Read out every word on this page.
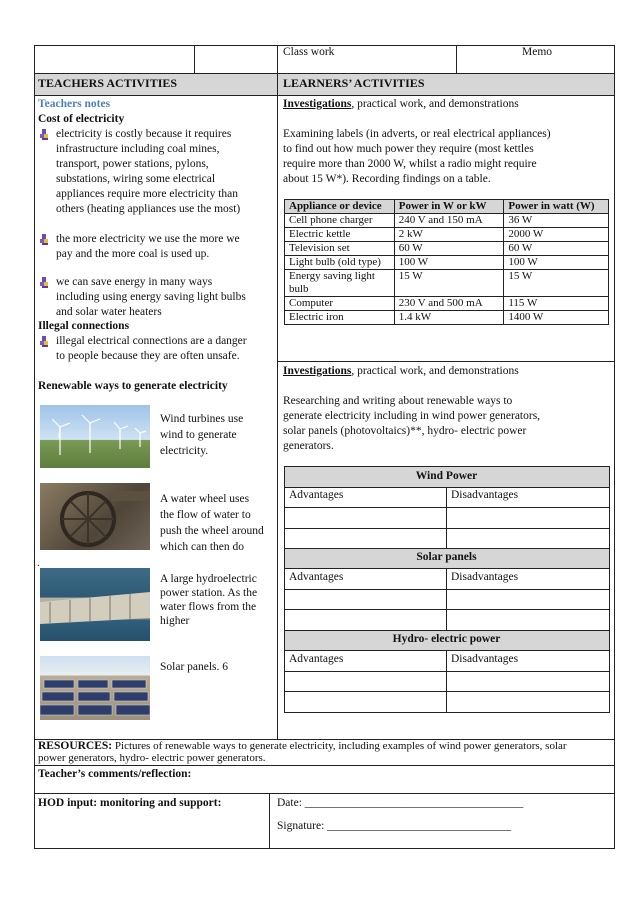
Class work	Memo
TEACHERS ACTIVITIES	LEARNERS’ ACTIVITIES
Teachers notes
Cost of electricity
electricity is costly because it requires
infrastructure including coal mines,
transport, power stations, pylons,
substations, wiring some electrical
appliances require more electricity than
others (heating appliances use the most)
the more electricity we use the more we
pay and the more coal is used up.
we can save energy in many ways
including using energy saving light bulbs
and solar water heaters
Illegal connections
illegal electrical connections are a danger
to people because they are often unsafe.
Renewable ways to generate electricity
Wind turbines use
wind to generate
electricity.
A water wheel uses
the flow of water to
push the wheel around
which can then do
.
A large hydroelectric
power station. As the
water flows from the
higher
Solar panels. 6
Investigations, practical work, and demonstrations
Examining labels (in adverts, or real electrical appliances)
to find out how much power they require (most kettles
require more than 2000 W, whilst a radio might require
about 15 W*). Recording findings on a table.
Appliance or device	Power in W or kW	Power in watt (W)
Cell phone charger	240 V and 150 mA	36 W
Electric kettle	2 kW	2000 W
Television set	60 W	60 W
Light bulb (old type)	100 W	100 W
Energy saving light bulb	15 W	15 W
Computer	230 V and 500 mA	115 W
Electric iron	1.4 kW	1400 W
Investigations, practical work, and demonstrations
Researching and writing about renewable ways to
generate electricity including in wind power generators,
solar panels (photovoltaics)**, hydro- electric power
generators.
Wind Power
Advantages	Disadvantages
Solar panels
Advantages	Disadvantages
Hydro- electric power
Advantages	Disadvantages
RESOURCES: Pictures of renewable ways to generate electricity, including examples of wind power generators, solar
power generators, hydro- electric power generators.
Teacher’s comments/reflection:
HOD input: monitoring and support:	Date: ______________________________________
Signature: ________________________________
